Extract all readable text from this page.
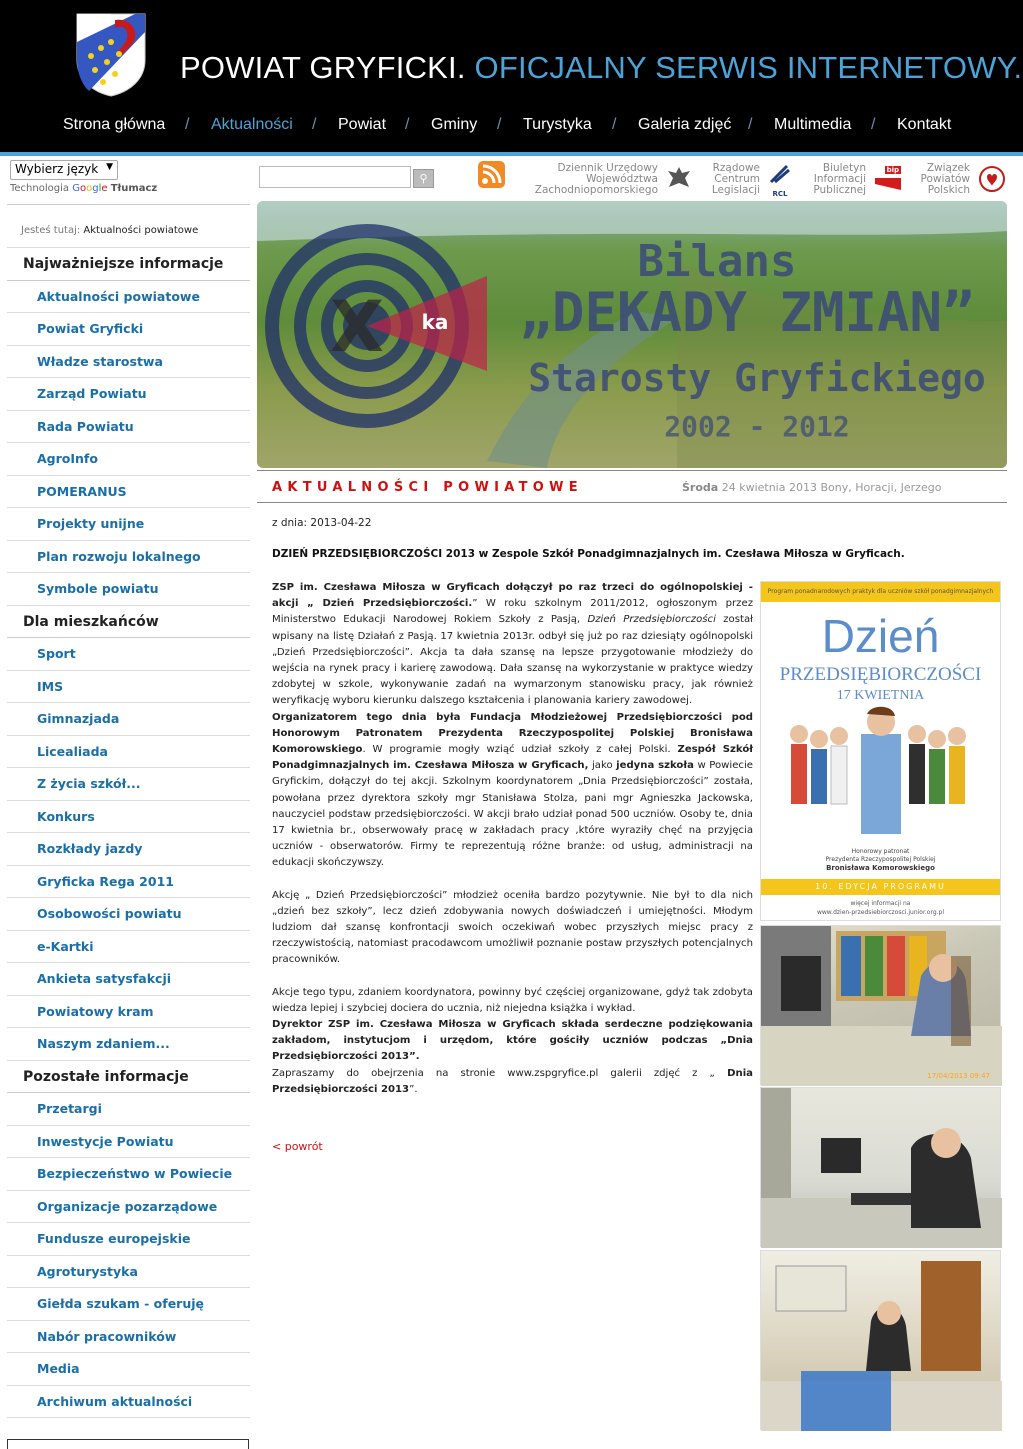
POWIAT GRYFICKI. OFICJALNY SERWIS INTERNETOWY.
Strona główna / Aktualności / Powiat / Gminy / Turystyka / Galeria zdjęć / Multimedia / Kontakt
Wybierz język ▼
Technologia Google Tłumacz
Jesteś tutaj: Aktualności powiatowe
Najważniejsze informacje
Aktualności powiatowe
Powiat Gryficki
Władze starostwa
Zarząd Powiatu
Rada Powiatu
AgroInfo
POMERANUS
Projekty unijne
Plan rozwoju lokalnego
Symbole powiatu
Dla mieszkańców
Sport
IMS
Gimnazjada
Licealiada
Z życia szkół...
Konkurs
Rozkłady jazdy
Gryficka Rega 2011
Osobowości powiatu
e-Kartki
Ankieta satysfakcji
Powiatowy kram
Naszym zdaniem...
Pozostałe informacje
Przetargi
Inwestycje Powiatu
Bezpieczeństwo w Powiecie
Organizacje pozarządowe
Fundusze europejskie
Agroturystyka
Giełda szukam - oferuję
Nabór pracowników
Media
Archiwum aktualności
⚲
Dziennik Urzędowy
Województwa
Zachodniopomorskiego
Rządowe
Centrum
Legislacji	RCL
Biuletyn
Informacji
Publicznej
bip	Związek
Powiatów
Polskich
X ka
Bilans
„DEKADY ZMIAN”
Starosty Gryfickiego
2002 - 2012
AKTUALNOŚCI POWIATOWE	Środa 24 kwietnia 2013 Bony, Horacji, Jerzego
z dnia: 2013-04-22
DZIEŃ PRZEDSIĘBIORCZOŚCI 2013 w Zespole Szkół Ponadgimnazjalnych im. Czesława Miłosza w Gryficach.

ZSP im. Czesława Miłosza w Gryficach dołączył po raz trzeci do ogólnopolskiej - akcji „ Dzień Przedsiębiorczości.” W roku szkolnym 2011/2012, ogłoszonym przez Ministerstwo Edukacji Narodowej Rokiem Szkoły z Pasją, Dzień Przedsiębiorczości został wpisany na listę Działań z Pasją. 17 kwietnia 2013r. odbył się już po raz dziesiąty ogólnopolski „Dzień Przedsiębiorczości”. Akcja ta dała szansę na lepsze przygotowanie młodzieży do wejścia na rynek pracy i karierę zawodową. Dała szansę na wykorzystanie w praktyce wiedzy zdobytej w szkole, wykonywanie zadań na wymarzonym stanowisku pracy, jak również weryfikację wyboru kierunku dalszego kształcenia i planowania kariery zawodowej.

Organizatorem tego dnia była Fundacja Młodzieżowej Przedsiębiorczości pod Honorowym Patronatem Prezydenta Rzeczypospolitej Polskiej Bronisława Komorowskiego. W programie mogły wziąć udział szkoły z całej Polski. Zespół Szkół Ponadgimnazjalnych im. Czesława Miłosza w Gryficach, jako jedyna szkoła w Powiecie Gryfickim, dołączył do tej akcji. Szkolnym koordynatorem „Dnia Przedsiębiorczości” została, powołana przez dyrektora szkoły mgr Stanisława Stolza, pani mgr Agnieszka Jackowska, nauczyciel podstaw przedsiębiorczości. W akcji brało udział ponad 500 uczniów. Osoby te, dnia 17 kwietnia br., obserwowały pracę w zakładach pracy ,które wyraziły chęć na przyjęcia uczniów - obserwatorów. Firmy te reprezentują różne branże: od usług, administracji na edukacji skończywszy.

Akcję „ Dzień Przedsiębiorczości” młodzież oceniła bardzo pozytywnie. Nie był to dla nich „dzień bez szkoły”, lecz dzień zdobywania nowych doświadczeń i umiejętności. Młodym ludziom dał szansę konfrontacji swoich oczekiwań wobec przyszłych miejsc pracy z rzeczywistością, natomiast pracodawcom umożliwił poznanie postaw przyszłych potencjalnych pracowników.

Akcje tego typu, zdaniem koordynatora, powinny być częściej organizowane, gdyż tak zdobyta wiedza lepiej i szybciej dociera do ucznia, niż niejedna książka i wykład.

Dyrektor ZSP im. Czesława Miłosza w Gryficach składa serdeczne podziękowania zakładom, instytucjom i urzędom, które gościły uczniów podczas „Dnia Przedsiębiorczości 2013”.

Zapraszamy do obejrzenia na stronie www.zspgryfice.pl galerii zdjęć z „ Dnia Przedsiębiorczości 2013”.

< powrót
Program ponadnarodowych praktyk dla uczniów szkół ponadgimnazjalnych
Dzień
PRZEDSIĘBIORCZOŚCI
17 KWIETNIA
Honorowy patronat
Prezydenta Rzeczypospolitej Polskiej
Bronisława Komorowskiego
10. EDYCJA PROGRAMU
więcej informacji na
www.dzien-przedsiebiorczosci.junior.org.pl
17/04/2013 09:47
